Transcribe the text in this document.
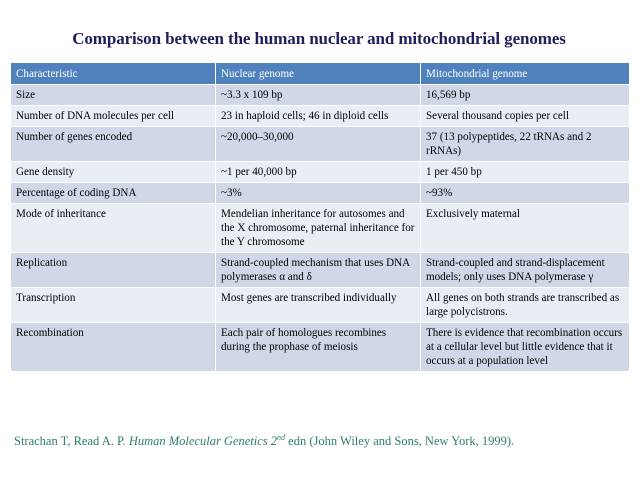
Comparison between the human nuclear and mitochondrial genomes
Characteristic	Nuclear genome	Mitochondrial genome
Size	~3.3 x 109 bp	16,569 bp
Number of DNA molecules per cell	23 in haploid cells; 46 in diploid cells	Several thousand copies per cell
Number of genes encoded	~20,000–30,000	37 (13 polypeptides, 22 tRNAs and 2 rRNAs)
Gene density	~1 per 40,000 bp	1 per 450 bp
Percentage of coding DNA	~3%	~93%
Mode of inheritance	Mendelian inheritance for autosomes and the X chromosome, paternal inheritance for the Y chromosome	Exclusively maternal
Replication	Strand-coupled mechanism that uses DNA polymerases α and δ	Strand-coupled and strand-displacement models; only uses DNA polymerase γ
Transcription	Most genes are transcribed individually	All genes on both strands are transcribed as large polycistrons.
Recombination	Each pair of homologues recombines during the prophase of meiosis	There is evidence that recombination occurs at a cellular level but little evidence that it occurs at a population level
Strachan T, Read A. P. Human Molecular Genetics 2nd edn (John Wiley and Sons, New York, 1999).
